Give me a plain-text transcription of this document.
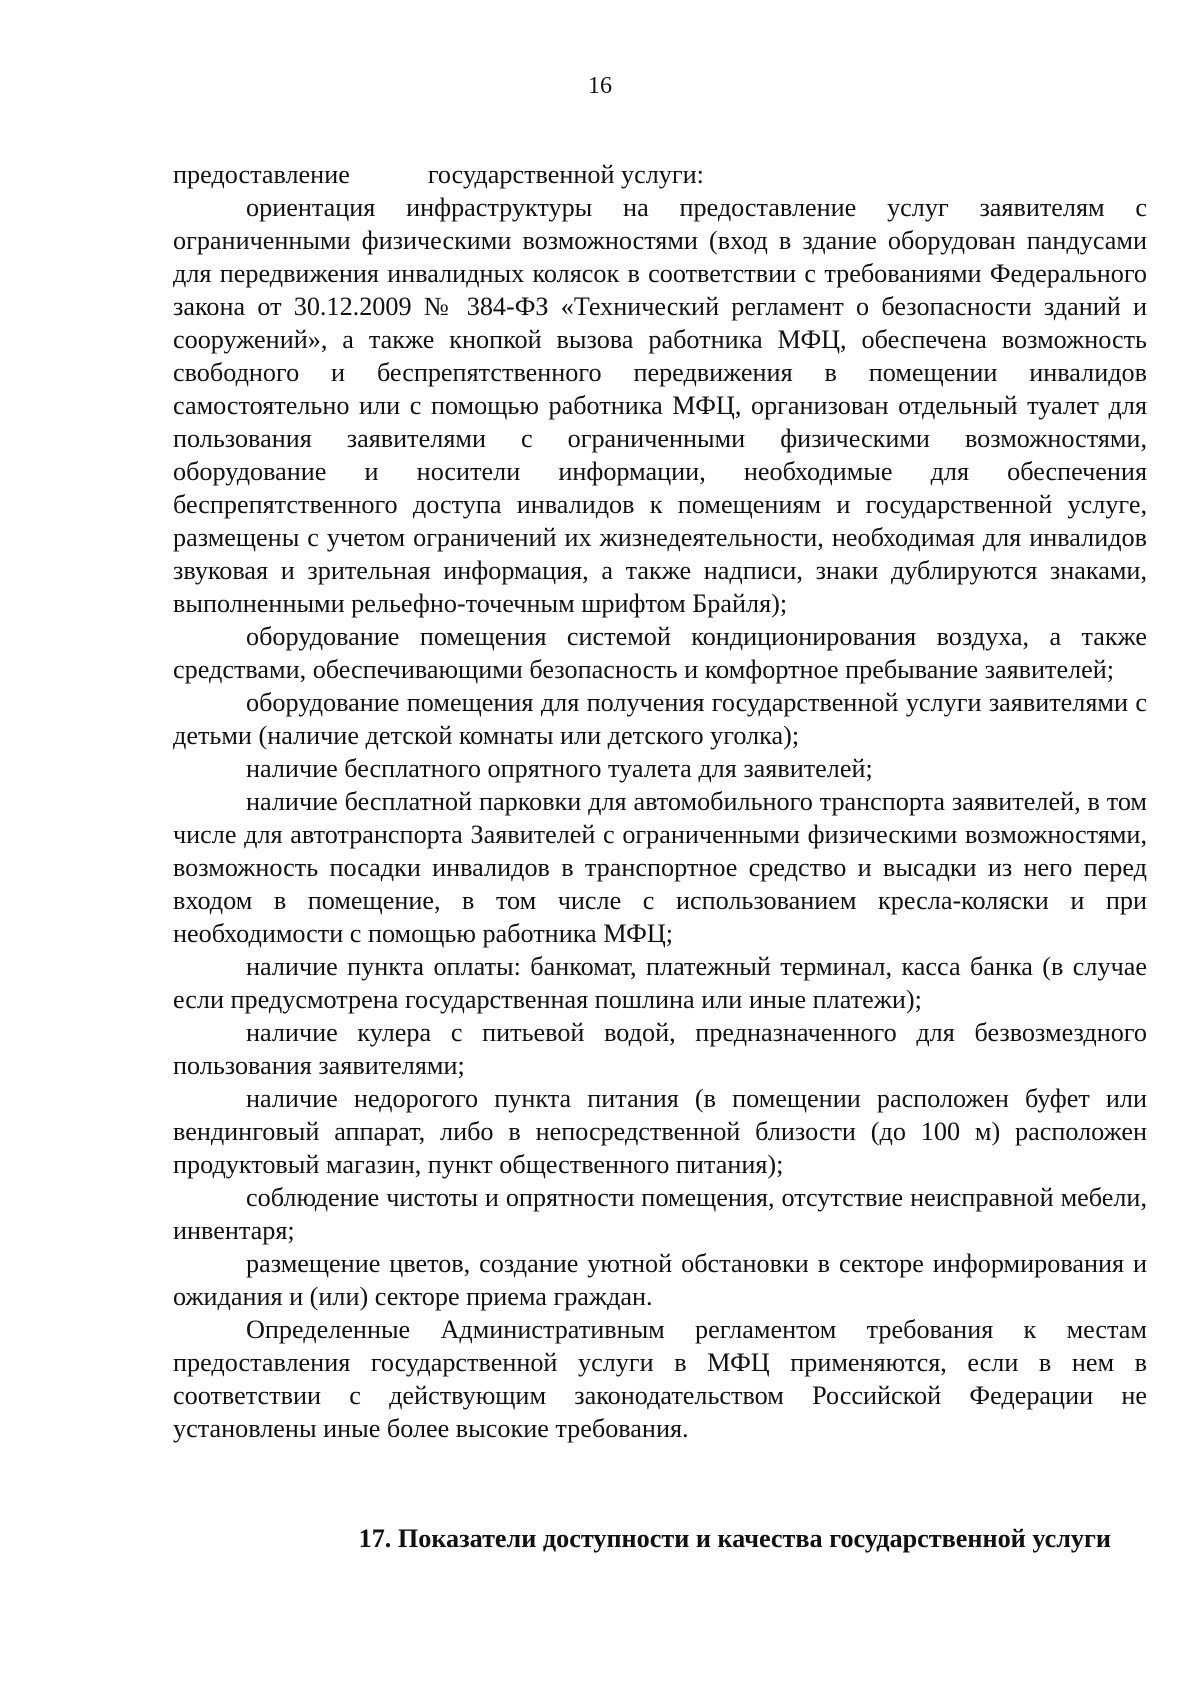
16
предоставление	государственной услуги:

ориентация инфраструктуры на предоставление услуг заявителям с ограниченными физическими возможностями (вход в здание оборудован пандусами для передвижения инвалидных колясок в соответствии с требованиями Федерального закона от 30.12.2009 № 384-ФЗ «Технический регламент о безопасности зданий и сооружений», а также кнопкой вызова работника МФЦ, обеспечена возможность свободного и беспрепятственного передвижения в помещении инвалидов самостоятельно или с помощью работника МФЦ, организован отдельный туалет для пользования заявителями с ограниченными физическими возможностями, оборудование и носители информации, необходимые для обеспечения беспрепятственного доступа инвалидов к помещениям и государственной услуге, размещены с учетом ограничений их жизнедеятельности, необходимая для инвалидов звуковая и зрительная информация, а также надписи, знаки дублируются знаками, выполненными рельефно-точечным шрифтом Брайля);

оборудование помещения системой кондиционирования воздуха, а также средствами, обеспечивающими безопасность и комфортное пребывание заявителей;

оборудование помещения для получения государственной услуги заявителями с детьми (наличие детской комнаты или детского уголка);

наличие бесплатного опрятного туалета для заявителей;

наличие бесплатной парковки для автомобильного транспорта заявителей, в том числе для автотранспорта Заявителей с ограниченными физическими возможностями, возможность посадки инвалидов в транспортное средство и высадки из него перед входом в помещение, в том числе с использованием кресла-коляски и при необходимости с помощью работника МФЦ;

наличие пункта оплаты: банкомат, платежный терминал, касса банка (в случае если предусмотрена государственная пошлина или иные платежи);

наличие кулера с питьевой водой, предназначенного для безвозмездного пользования заявителями;

наличие недорогого пункта питания (в помещении расположен буфет или вендинговый аппарат, либо в непосредственной близости (до 100 м) расположен продуктовый магазин, пункт общественного питания);

соблюдение чистоты и опрятности помещения, отсутствие неисправной мебели, инвентаря;

размещение цветов, создание уютной обстановки в секторе информирования и ожидания и (или) секторе приема граждан.

Определенные Административным регламентом требования к местам предоставления государственной услуги в МФЦ применяются, если в нем в соответствии с действующим законодательством Российской Федерации не установлены иные более высокие требования.

17. Показатели доступности и качества государственной услуги
